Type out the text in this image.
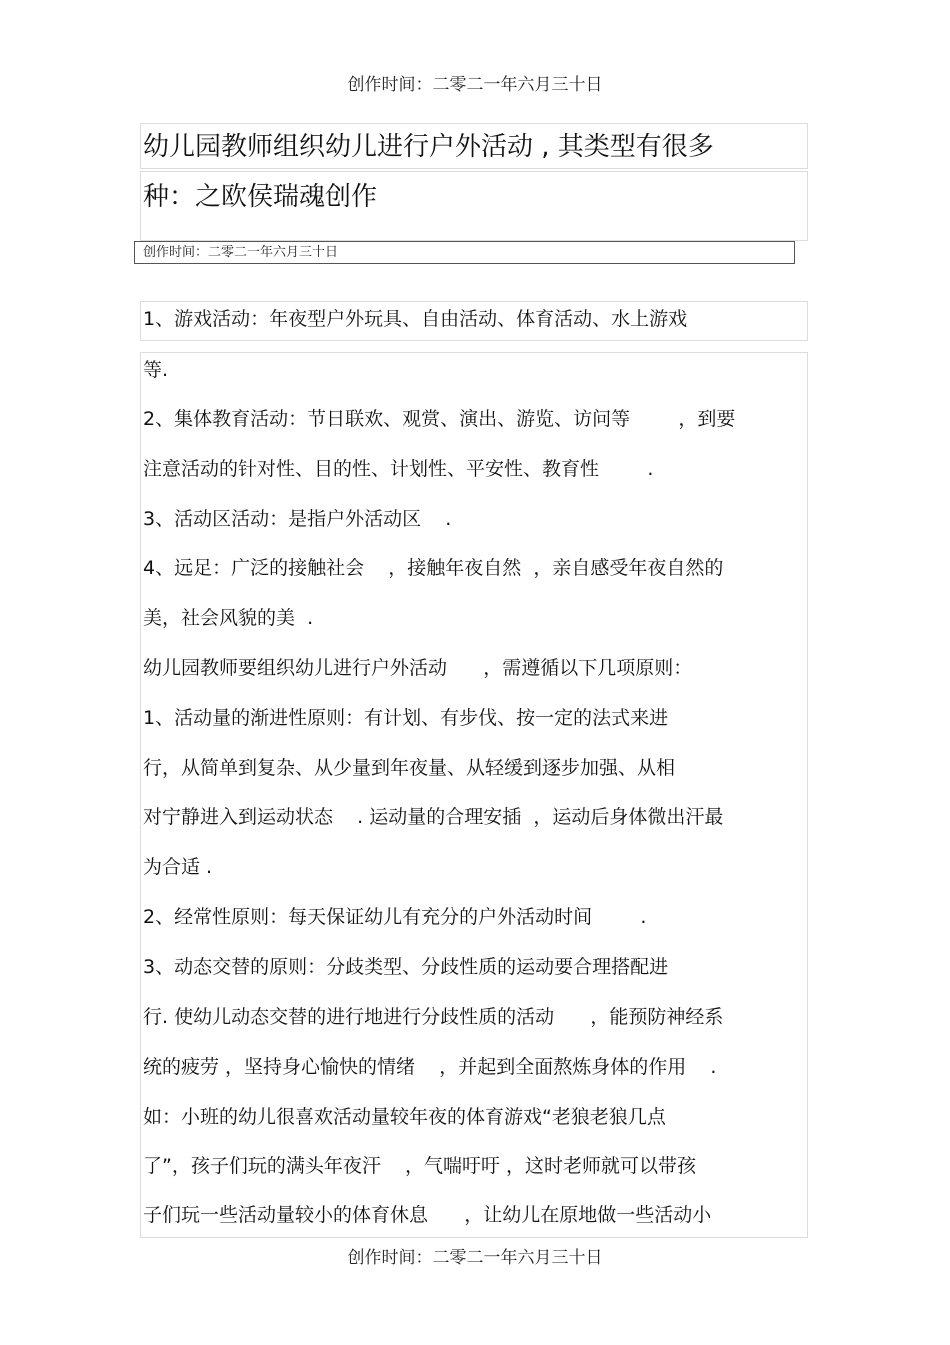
创作时间：二零二一年六月三十日
幼儿园教师组织幼儿进行户外活动 , 其类型有很多
种：之欧侯瑞魂创作
创作时间：二零二一年六月三十日
1、游戏活动：年夜型户外玩具、自由活动、体育活动、水上游戏
等.
2、集体教育活动：节日联欢、观赏、演出、游览、访问等        ，到要
注意活动的针对性、目的性、计划性、平安性、教育性        .
3、活动区活动：是指户外活动区    .
4、远足：广泛的接触社会    ，接触年夜自然  ，亲自感受年夜自然的
美，社会风貌的美  .
幼儿园教师要组织幼儿进行户外活动      ，需遵循以下几项原则：
1、活动量的渐进性原则：有计划、有步伐、按一定的法式来进
行，从简单到复杂、从少量到年夜量、从轻缓到逐步加强、从相
对宁静进入到运动状态    . 运动量的合理安插  ，运动后身体微出汗最
为合适 .
2、经常性原则：每天保证幼儿有充分的户外活动时间        .
3、动态交替的原则：分歧类型、分歧性质的运动要合理搭配进
行. 使幼儿动态交替的进行地进行分歧性质的活动      ，能预防神经系
统的疲劳 ，坚持身心愉快的情绪    ，并起到全面熬炼身体的作用    .
如：小班的幼儿很喜欢活动量较年夜的体育游戏“老狼老狼几点
了”，孩子们玩的满头年夜汗    ，气喘吁吁 ，这时老师就可以带孩
子们玩一些活动量较小的体育休息      ，让幼儿在原地做一些活动小
创作时间：二零二一年六月三十日
